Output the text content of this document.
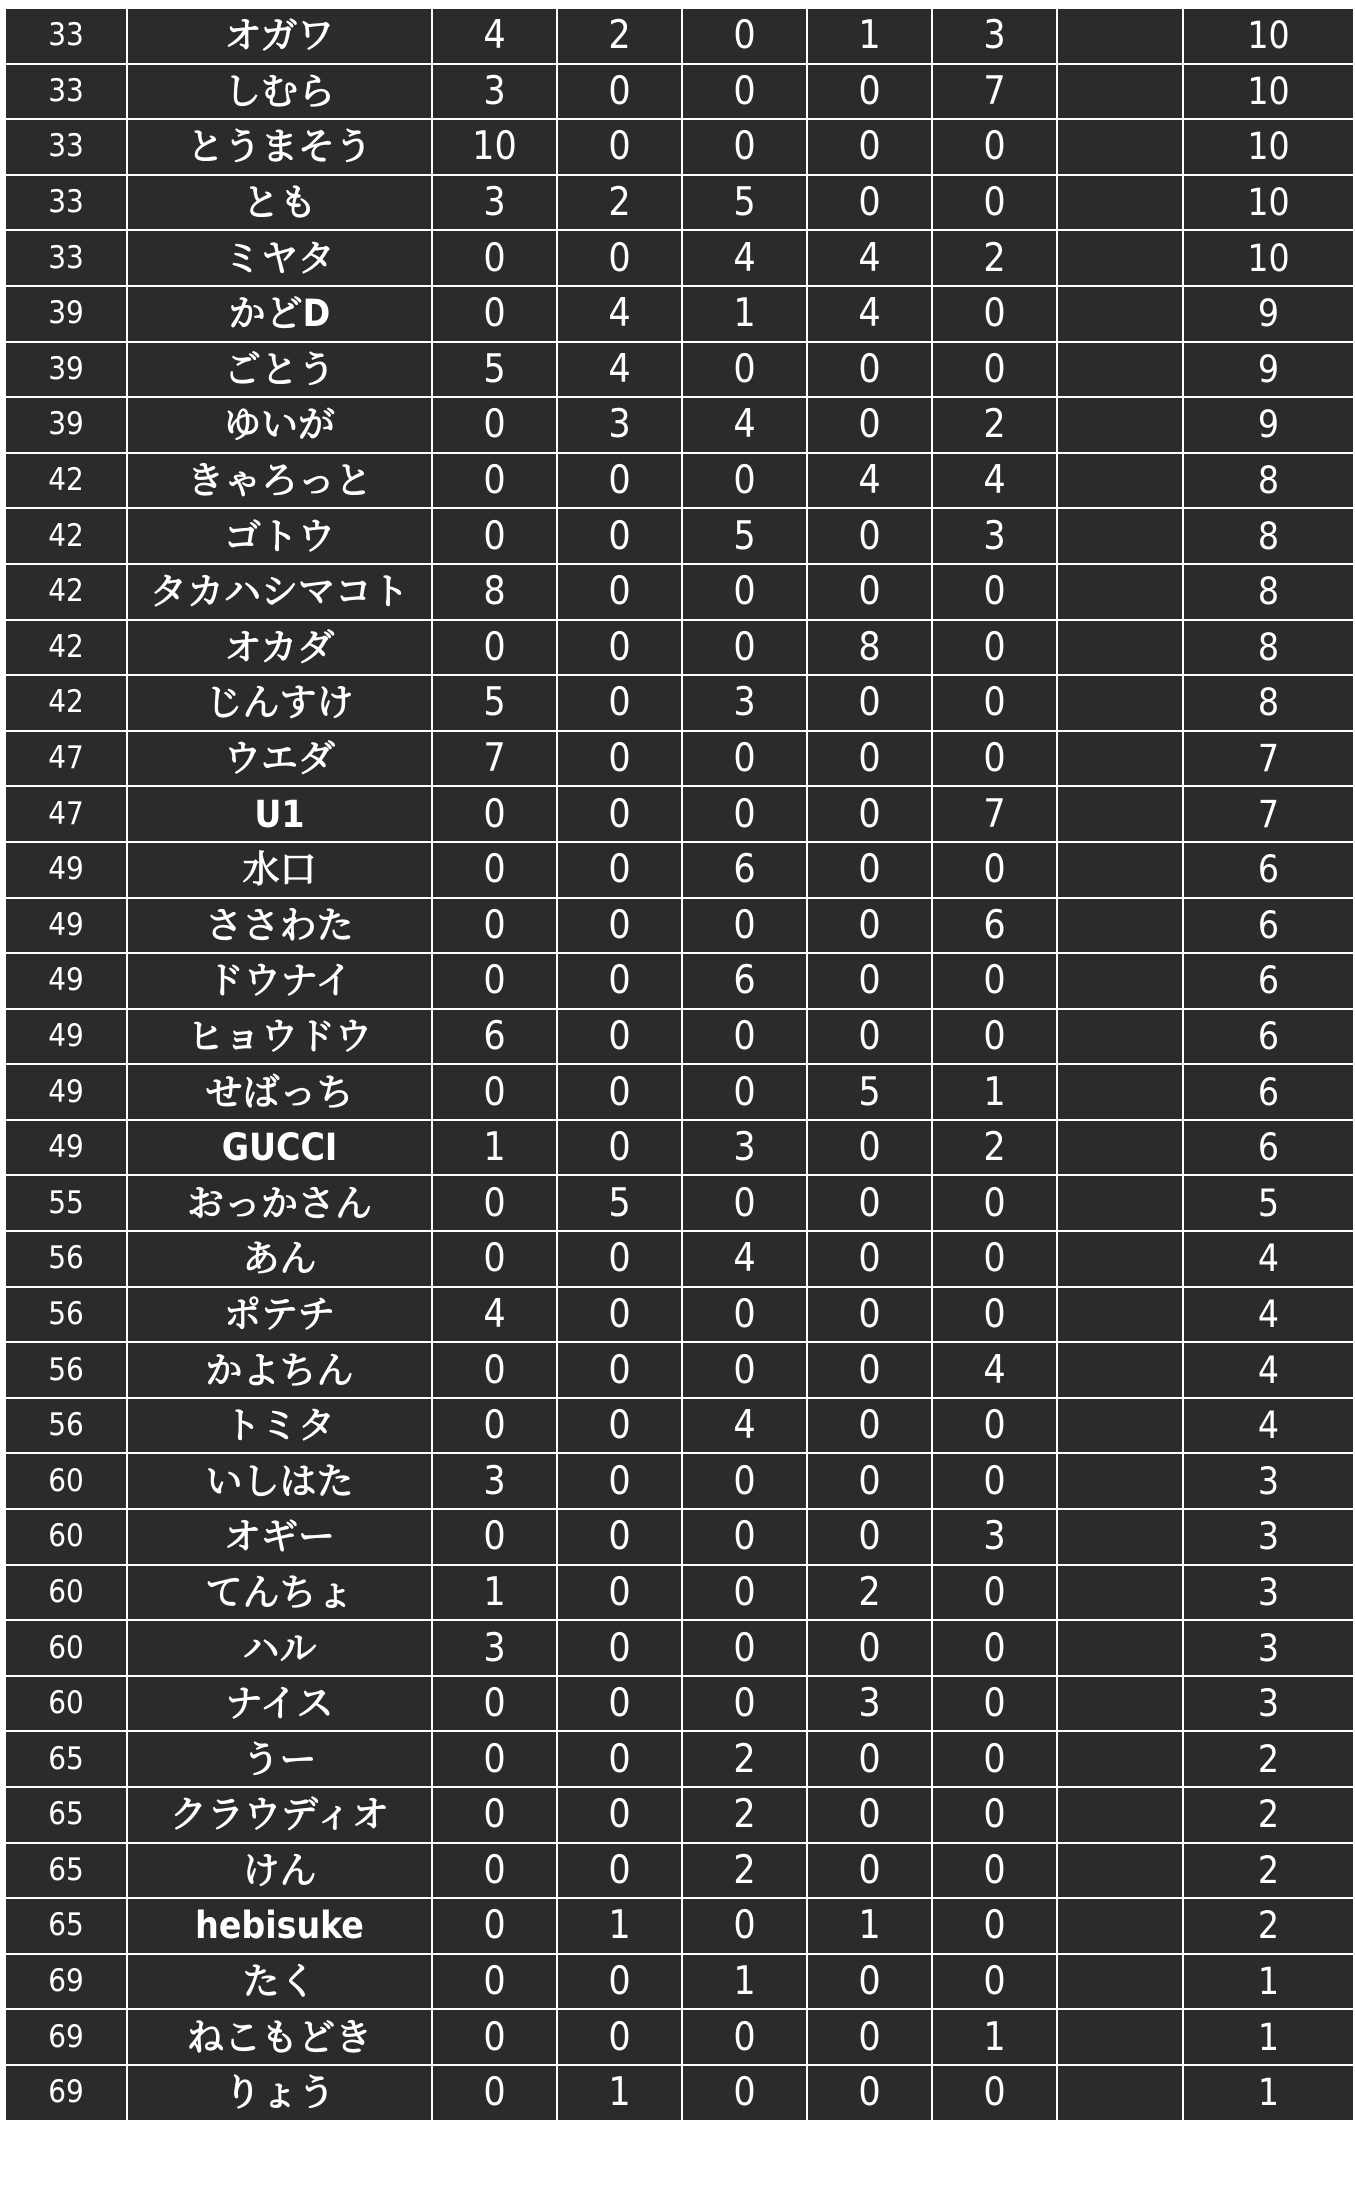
33	オガワ	4	2	0	1	3		10
33	しむら	3	0	0	0	7		10
33	とうまそう	10	0	0	0	0		10
33	とも	3	2	5	0	0		10
33	ミヤタ	0	0	4	4	2		10
39	かどD	0	4	1	4	0		9
39	ごとう	5	4	0	0	0		9
39	ゆいが	0	3	4	0	2		9
42	きゃろっと	0	0	0	4	4		8
42	ゴトウ	0	0	5	0	3		8
42	タカハシマコト	8	0	0	0	0		8
42	オカダ	0	0	0	8	0		8
42	じんすけ	5	0	3	0	0		8
47	ウエダ	7	0	0	0	0		7
47	U1	0	0	0	0	7		7
49	水口	0	0	6	0	0		6
49	ささわた	0	0	0	0	6		6
49	ドウナイ	0	0	6	0	0		6
49	ヒョウドウ	6	0	0	0	0		6
49	せばっち	0	0	0	5	1		6
49	GUCCI	1	0	3	0	2		6
55	おっかさん	0	5	0	0	0		5
56	あん	0	0	4	0	0		4
56	ポテチ	4	0	0	0	0		4
56	かよちん	0	0	0	0	4		4
56	トミタ	0	0	4	0	0		4
60	いしはた	3	0	0	0	0		3
60	オギー	0	0	0	0	3		3
60	てんちょ	1	0	0	2	0		3
60	ハル	3	0	0	0	0		3
60	ナイス	0	0	0	3	0		3
65	うー	0	0	2	0	0		2
65	クラウディオ	0	0	2	0	0		2
65	けん	0	0	2	0	0		2
65	hebisuke	0	1	0	1	0		2
69	たく	0	0	1	0	0		1
69	ねこもどき	0	0	0	0	1		1
69	りょう	0	1	0	0	0		1
